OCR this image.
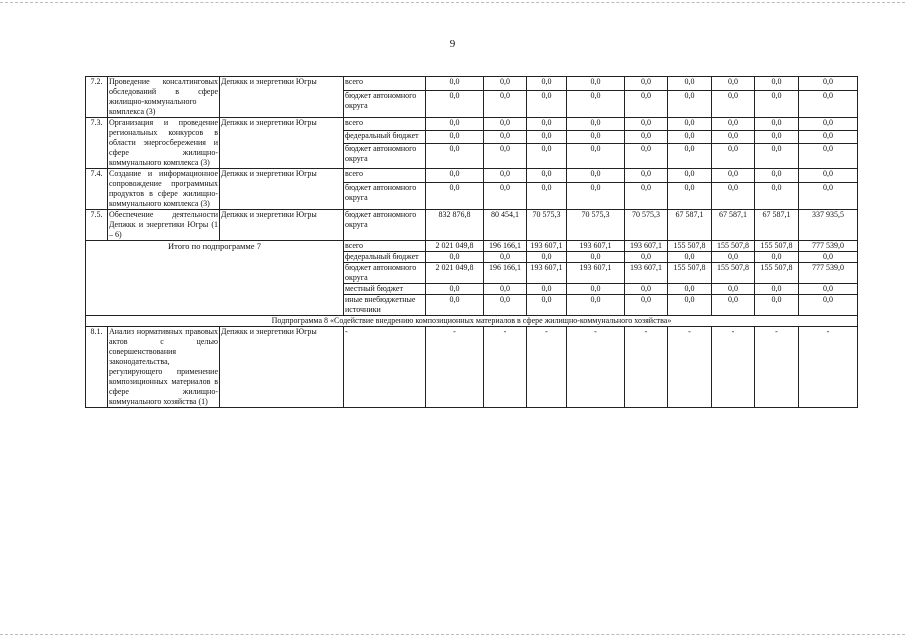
9
7.2.	Проведение консалтинговых обследований в сфере жилищно-коммунального комплекса (3)	Депжкк и энергетики Югры	всего	0,0	0,0	0,0	0,0	0,0	0,0	0,0	0,0	0,0
			бюджет автономного округа	0,0	0,0	0,0	0,0	0,0	0,0	0,0	0,0	0,0
7.3.	Организация и проведение региональных конкурсов в области энергосбережения и сфере жилищно-коммунального комплекса (3)	Депжкк и энергетики Югры	всего	0,0	0,0	0,0	0,0	0,0	0,0	0,0	0,0	0,0
			федеральный бюджет	0,0	0,0	0,0	0,0	0,0	0,0	0,0	0,0	0,0
			бюджет автономного округа	0,0	0,0	0,0	0,0	0,0	0,0	0,0	0,0	0,0
7.4.	Создание и информационное сопровождение программных продуктов в сфере жилищно-коммунального комплекса (3)	Депжкк и энергетики Югры	всего	0,0	0,0	0,0	0,0	0,0	0,0	0,0	0,0	0,0
			бюджет автономного округа	0,0	0,0	0,0	0,0	0,0	0,0	0,0	0,0	0,0
7.5.	Обеспечение деятельности Депжкк и энергетики Югры (1 – 6)	Депжкк и энергетики Югры	бюджет автономного округа	832 876,8	80 454,1	70 575,3	70 575,3	70 575,3	67 587,1	67 587,1	67 587,1	337 935,5
Итого по подпрограмме 7			всего	2 021 049,8	196 166,1	193 607,1	193 607,1	193 607,1	155 507,8	155 507,8	155 507,8	777 539,0
			федеральный бюджет	0,0	0,0	0,0	0,0	0,0	0,0	0,0	0,0	0,0
			бюджет автономного округа	2 021 049,8	196 166,1	193 607,1	193 607,1	193 607,1	155 507,8	155 507,8	155 507,8	777 539,0
			местный бюджет	0,0	0,0	0,0	0,0	0,0	0,0	0,0	0,0	0,0
			иные внебюджетные источники	0,0	0,0	0,0	0,0	0,0	0,0	0,0	0,0	0,0
Подпрограмма 8 «Содействие внедрению композиционных материалов в сфере жилищно-коммунального хозяйства»												
8.1.	Анализ нормативных правовых актов с целью совершенствования законодательства, регулирующего применение композиционных материалов в сфере жилищно-коммунального хозяйства (1)	Депжкк и энергетики Югры	-	-	-	-	-	-	-	-	-	-
